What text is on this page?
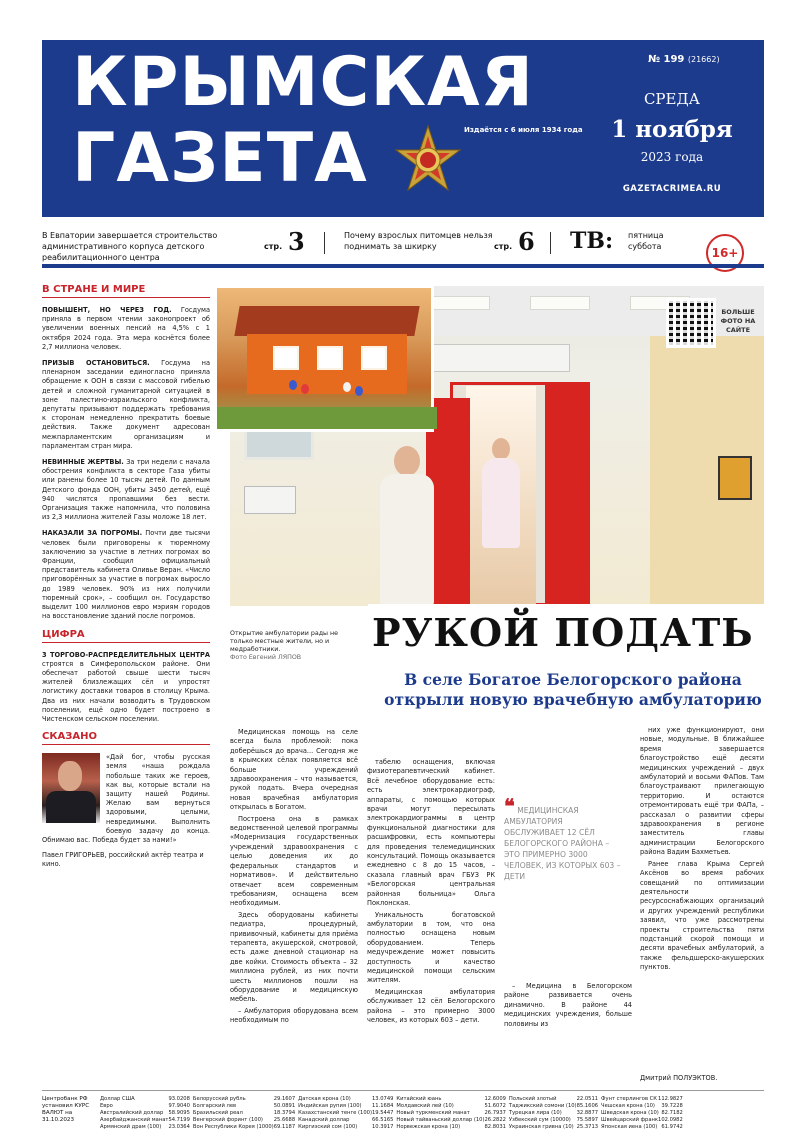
КРЫМСКАЯ
ГАЗЕТА	Издаётся с 6 июля 1934 года
№ 199 (21662)
СРЕДА
1 ноября
2023 года
GAZETACRIMEA.RU
В Евпатории завершается строительство административного корпуса детского реабилитационного центра
стр. 3	Почему взрослых питомцев нельзя поднимать за шкирку	стр. 6 ТВ: пятница
суббота	16+
В СТРАНЕ И МИРЕ
ПОВЫШЕНТ, НО ЧЕРЕЗ ГОД. Госдума приняла в первом чтении законопроект об увеличении военных пенсий на 4,5% с 1 октября 2024 года. Эта мера коснётся более 2,7 миллиона человек.
ПРИЗЫВ ОСТАНОВИТЬСЯ. Госдума на пленарном заседании единогласно приняла обращение к ООН в связи с массовой гибелью детей и сложной гуманитарной ситуацией в зоне палестино-израильского конфликта, депутаты призывают поддержать требования к сторонам немедленно прекратить боевые действия. Также документ адресован межпарламентским организациям и парламентам стран мира.
НЕВИННЫЕ ЖЕРТВЫ. За три недели с начала обострения конфликта в секторе Газа убиты или ранены более 10 тысяч детей. По данным Детского фонда ООН, убиты 3450 детей, ещё 940 числятся пропавшими без вести. Организация также напомнила, что половина из 2,3 миллиона жителей Газы моложе 18 лет.
НАКАЗАЛИ ЗА ПОГРОМЫ. Почти две тысячи человек были приговорены к тюремному заключению за участие в летних погромах во Франции, сообщил официальный представитель кабинета Оливье Веран. «Число приговорённых за участие в погромах выросло до 1989 человек. 90% из них получили тюремный срок», – сообщил он. Государство выделит 100 миллионов евро мэриям городов на восстановление зданий после погромов.
ЦИФРА
3 ТОРГОВО-РАСПРЕДЕЛИТЕЛЬНЫХ ЦЕНТРА строятся в Симферопольском районе. Они обеспечат работой свыше шести тысяч жителей близлежащих сёл и упростят логистику доставки товаров в столицу Крыма. Два из них начали возводить в Трудовском поселении, ещё одно будет построено в Чистенском сельском поселении.
СКАЗАНО
«Дай бог, чтобы русская земля «наша рождала побольше таких же героев, как вы, которые встали на защиту нашей Родины. Желаю вам вернуться здоровыми, целыми, невредимыми. Выполнить боевую задачу до конца. Обнимаю вас. Победа будет за нами!»
Павел ГРИГОРЬЕВ, российский актёр театра и кино.
БОЛЬШЕ ФОТО НА САЙТЕ
Открытие амбулатории рады не только местные жители, но и медработники.
Фото Евгений ЛЯПОВ
РУКОЙ ПОДАТЬ
В селе Богатое Белогорского района открыли новую врачебную амбулаторию

Медицинская помощь на селе всегда была проблемой: пока доберёшься до врача... Сегодня же в крымских сёлах появляется всё больше учреждений здравоохранения – что называется, рукой подать. Вчера очередная новая врачебная амбулатория открылась в Богатом.

Построена она в рамках ведомственной целевой программы «Модернизация государственных учреждений здравоохранения с целью доведения их до федеральных стандартов и нормативов». И действительно отвечает всем современным требованиям, оснащена всем необходимым.

Здесь оборудованы кабинеты педиатра, процедурный, прививочный, кабинеты для приёма терапевта, акушерской, смотровой, есть даже дневной стационар на две койки. Стоимость объекта – 32 миллиона рублей, из них почти шесть миллионов пошли на оборудование и медицинскую мебель.

– Амбулатория оборудована всем необходимым по

табелю оснащения, включая физиотерапевтический кабинет. Всё лечебное оборудование есть: есть электрокардиограф, аппараты, с помощью которых врачи могут пересылать электрокардиограммы в центр функциональной диагностики для расшифровки, есть компьютеры для проведения телемедицинских консультаций. Помощь оказывается ежедневно с 8 до 15 часов, – сказала главный врач ГБУЗ РК «Белогорская центральная районная больница» Ольга Поклонская.

Уникальность богатовской амбулатории в том, что она полностью оснащена новым оборудованием. Теперь медучреждение может повысить доступность и качество медицинской помощи сельским жителям.

Медицинская амбулатория обслуживает 12 сёл Белогорского района – это примерно 3000 человек, из которых 603 – дети.

❝ МЕДИЦИНСКАЯ АМБУЛАТОРИЯ ОБСЛУЖИВАЕТ 12 СЁЛ БЕЛОГОРСКОГО РАЙОНА – ЭТО ПРИМЕРНО 3000 ЧЕЛОВЕК, ИЗ КОТОРЫХ 603 – ДЕТИ

– Медицина в Белогорском районе развивается очень динамично. В районе 44 медицинских учреждения, больше половины из

них уже функционируют, они новые, модульные. В ближайшее время завершается благоустройство ещё десяти медицинских учреждений – двух амбулаторий и восьми ФАПов. Там благоустраивают прилегающую территорию. И остаются отремонтировать ещё три ФАПа, – рассказал о развитии сферы здравоохранения в регионе заместитель главы администрации Белогорского района Вадим Бахметьев.

Ранее глава Крыма Сергей Аксёнов во время рабочих совещаний по оптимизации деятельности ресурсоснабжающих организаций и других учреждений республики заявил, что уже рассмотрены проекты строительства пяти подстанций скорой помощи и десяти врачебных амбулаторий, а также фельдшерско-акушерских пунктов.

Дмитрий ПОЛУЭКТОВ.
Центробанк РФ установил КУРС ВАЛЮТ на 31.10.2023
Доллар США	93.0208
Евро	97.9040
Австралийский доллар 58.9095
Азербайджанский манат 54.7199
Армянский драм (100) 23.0364
Белорусский рубль	29.1607
Болгарский лев	50.0891
Бразильский реал	18.3794
Венгерский форинт (100) 25.6688
Вон Республики Корея (1000) 69.1187
Датская крона (10)	13.0749
Индийская рупия (100) 11.1684
Казахстанский тенге (100) 19.5447
Канадский доллар	66.5165
Киргизский сом (100)	10.3917
Китайский юань	12.6009
Молдавский лей (10)	51.6072
Новый туркменский манат	26.7937
Новый тайваньский доллар (10) 26.2822
Норвежская крона (10)	82.8031
Польский злотый	22.0511
Таджикский сомони (10) 85.1606
Турецкая лира (10)	32.8877
Узбекский сум (10000) 75.5897
Украинская гривна (10) 25.3713
Фунт стерлингов СК 112.9827
Чешская крона (10) 39.7228
Шведская крона (10) 82.7182
Швейцарский франк 102.0982
Японская иена (100) 61.9742
